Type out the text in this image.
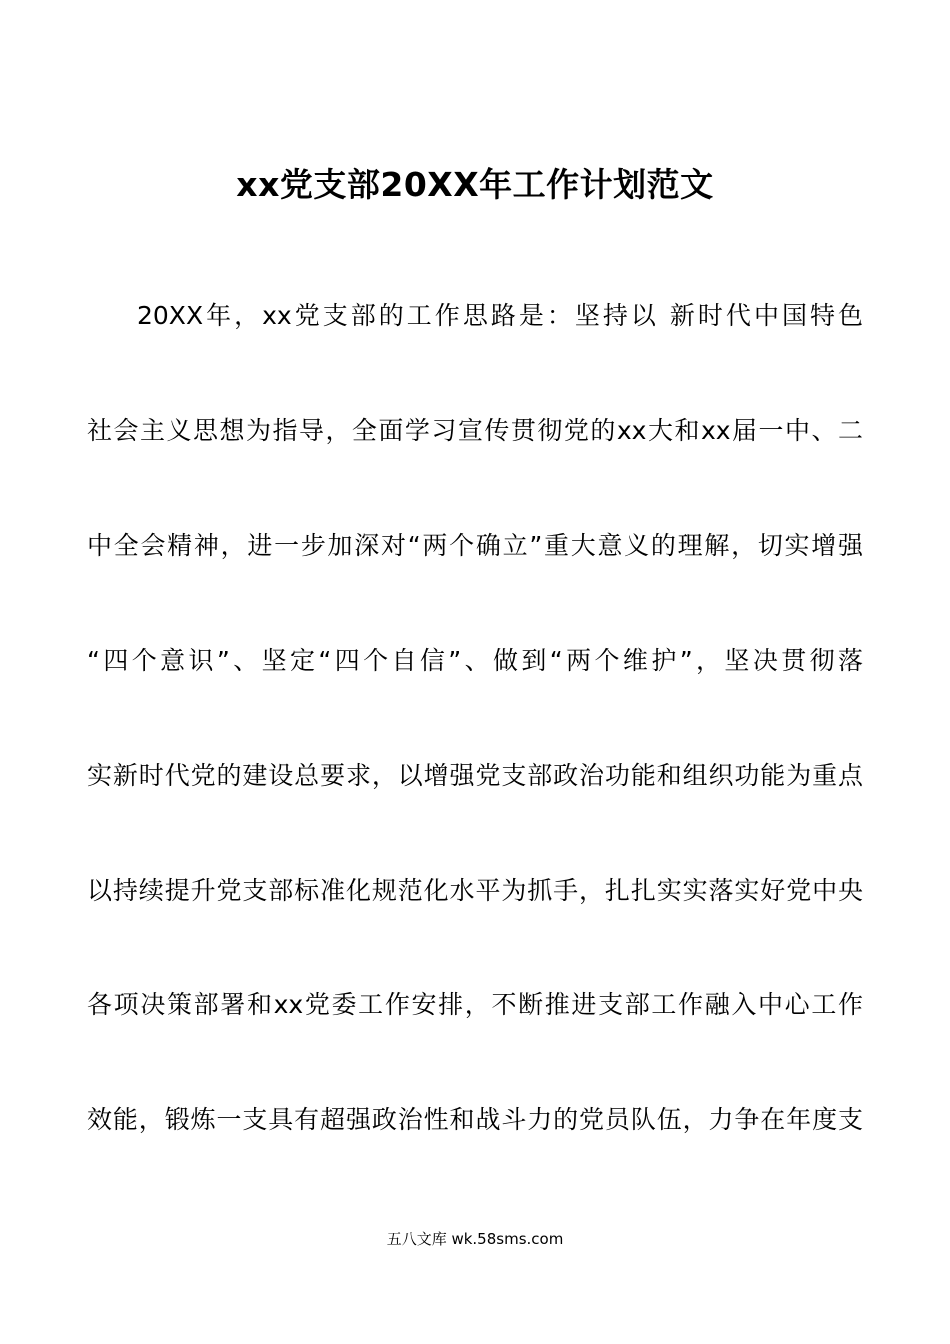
xx党支部20XX年工作计划范文
20XX年，xx党支部的工作思路是：坚持以 新时代中国特色
社会主义思想为指导，全面学习宣传贯彻党的xx大和xx届一中、二
中全会精神，进一步加深对“两个确立”重大意义的理解，切实增强
“四个意识”、坚定“四个自信”、做到“两个维护”，坚决贯彻落
实新时代党的建设总要求，以增强党支部政治功能和组织功能为重点
以持续提升党支部标准化规范化水平为抓手，扎扎实实落实好党中央
各项决策部署和xx党委工作安排，不断推进支部工作融入中心工作
效能，锻炼一支具有超强政治性和战斗力的党员队伍，力争在年度支
五八文库 wk.58sms.com
